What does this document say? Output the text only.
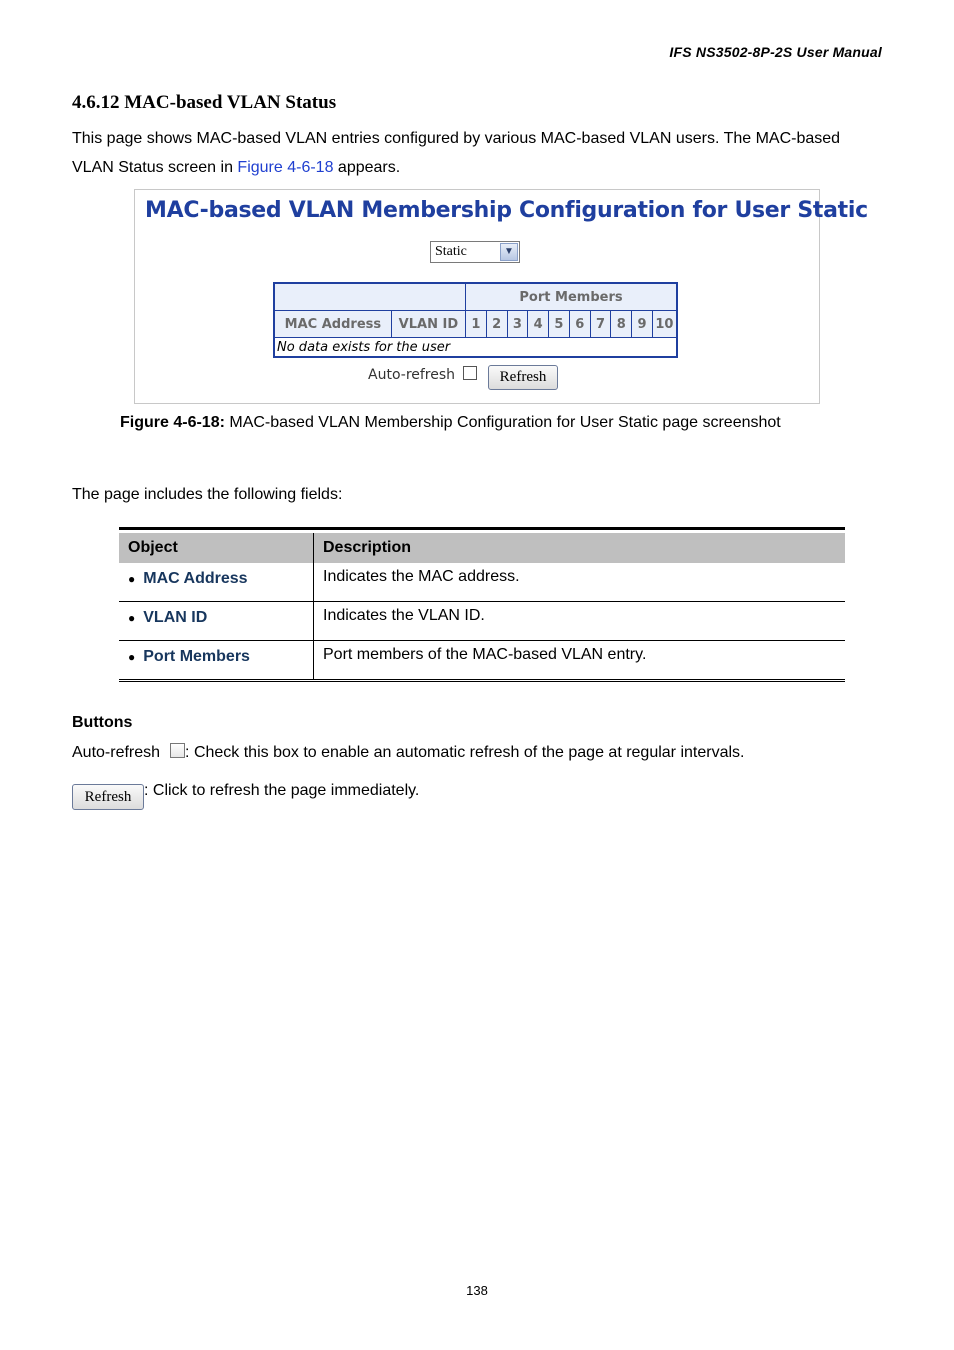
IFS NS3502-8P-2S User Manual
4.6.12 MAC-based VLAN Status
This page shows MAC-based VLAN entries configured by various MAC-based VLAN users. The MAC-based VLAN Status screen in Figure 4-6-18 appears.
MAC-based VLAN Membership Configuration for User Static
Static	▼
		Port Members									
MAC Address	VLAN ID	1	2	3	4	5	6	7	8	9	10
No data exists for the user											
Auto-refresh	Refresh
Figure 4-6-18: MAC-based VLAN Membership Configuration for User Static page screenshot
The page includes the following fields:

Object	Description
● MAC Address	Indicates the MAC address.
● VLAN ID	Indicates the VLAN ID.
● Port Members	Port members of the MAC-based VLAN entry.
Buttons
Auto-refresh : Check this box to enable an automatic refresh of the page at regular intervals.
Refresh : Click to refresh the page immediately.
138
